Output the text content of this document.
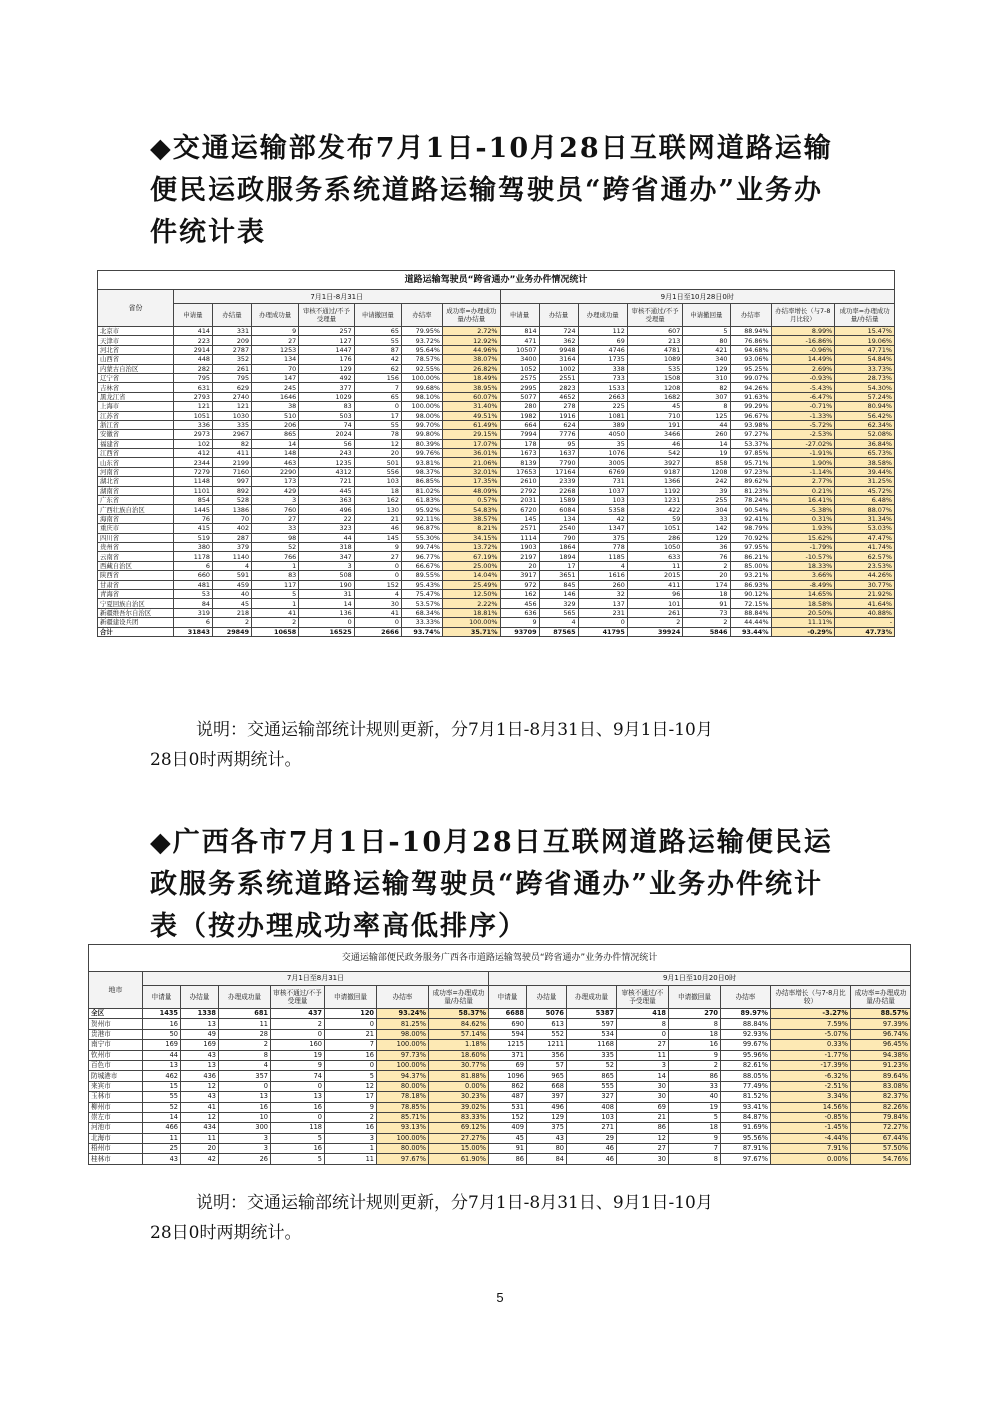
◆交通运输部发布7月1日-10月28日互联网道路运输便民运政服务系统道路运输驾驶员“跨省通办”业务办件统计表
道路运输驾驶员“跨省通办”业务办件情况统计															
省份	7月1日-8月31日							9月1日至10月28日0时							
	申请量	办结量	办理成功量	审核不通过/不予受理量	申请撤回量	办结率	成功率=办理成功量/办结量	申请量	办结量	办理成功量	审核不通过/不予受理量	申请撤回量	办结率	办结率增长（与7-8月比较）	成功率=办理成功量/办结量
北京市	414	331	9	257	65	79.95%	2.72%	814	724	112	607	5	88.94%	8.99%	15.47%
天津市	223	209	27	127	55	93.72%	12.92%	471	362	69	213	80	76.86%	-16.86%	19.06%
河北省	2914	2787	1253	1447	87	95.64%	44.96%	10507	9948	4746	4781	421	94.68%	-0.96%	47.71%
山西省	448	352	134	176	42	78.57%	38.07%	3400	3164	1735	1089	340	93.06%	14.49%	54.84%
内蒙古自治区	282	261	70	129	62	92.55%	26.82%	1052	1002	338	535	129	95.25%	2.69%	33.73%
辽宁省	795	795	147	492	156	100.00%	18.49%	2575	2551	733	1508	310	99.07%	-0.93%	28.73%
吉林省	631	629	245	377	7	99.68%	38.95%	2995	2823	1533	1208	82	94.26%	-5.43%	54.30%
黑龙江省	2793	2740	1646	1029	65	98.10%	60.07%	5077	4652	2663	1682	307	91.63%	-6.47%	57.24%
上海市	121	121	38	83	0	100.00%	31.40%	280	278	225	45	8	99.29%	-0.71%	80.94%
江苏省	1051	1030	510	503	17	98.00%	49.51%	1982	1916	1081	710	125	96.67%	-1.33%	56.42%
浙江省	336	335	206	74	55	99.70%	61.49%	664	624	389	191	44	93.98%	-5.72%	62.34%
安徽省	2973	2967	865	2024	78	99.80%	29.15%	7994	7776	4050	3466	260	97.27%	-2.53%	52.08%
福建省	102	82	14	56	12	80.39%	17.07%	178	95	35	46	14	53.37%	-27.02%	36.84%
江西省	412	411	148	243	20	99.76%	36.01%	1673	1637	1076	542	19	97.85%	-1.91%	65.73%
山东省	2344	2199	463	1235	501	93.81%	21.06%	8139	7790	3005	3927	858	95.71%	1.90%	38.58%
河南省	7279	7160	2290	4312	556	98.37%	32.01%	17653	17164	6769	9187	1208	97.23%	-1.14%	39.44%
湖北省	1148	997	173	721	103	86.85%	17.35%	2610	2339	731	1366	242	89.62%	2.77%	31.25%
湖南省	1101	892	429	445	18	81.02%	48.09%	2792	2268	1037	1192	39	81.23%	0.21%	45.72%
广东省	854	528	3	363	162	61.83%	0.57%	2031	1589	103	1231	255	78.24%	16.41%	6.48%
广西壮族自治区	1445	1386	760	496	130	95.92%	54.83%	6720	6084	5358	422	304	90.54%	-5.38%	88.07%
海南省	76	70	27	22	21	92.11%	38.57%	145	134	42	59	33	92.41%	0.31%	31.34%
重庆市	415	402	33	323	46	96.87%	8.21%	2571	2540	1347	1051	142	98.79%	1.93%	53.03%
四川省	519	287	98	44	145	55.30%	34.15%	1114	790	375	286	129	70.92%	15.62%	47.47%
贵州省	380	379	52	318	9	99.74%	13.72%	1903	1864	778	1050	36	97.95%	-1.79%	41.74%
云南省	1178	1140	766	347	27	96.77%	67.19%	2197	1894	1185	633	76	86.21%	-10.57%	62.57%
西藏自治区	6	4	1	3	0	66.67%	25.00%	20	17	4	11	2	85.00%	18.33%	23.53%
陕西省	660	591	83	508	0	89.55%	14.04%	3917	3651	1616	2015	20	93.21%	3.66%	44.26%
甘肃省	481	459	117	190	152	95.43%	25.49%	972	845	260	411	174	86.93%	-8.49%	30.77%
青海省	53	40	5	31	4	75.47%	12.50%	162	146	32	96	18	90.12%	14.65%	21.92%
宁夏回族自治区	84	45	1	14	30	53.57%	2.22%	456	329	137	101	91	72.15%	18.58%	41.64%
新疆维吾尔自治区	319	218	41	136	41	68.34%	18.81%	636	565	231	261	73	88.84%	20.50%	40.88%
新疆建设兵团	6	2	2	0	0	33.33%	100.00%	9	4	0	2	2	44.44%	11.11%	-
合计	31843	29849	10658	16525	2666	93.74%	35.71%	93709	87565	41795	39924	5846	93.44%	-0.29%	47.73%

说明：交通运输部统计规则更新，分7月1日-8月31日、9月1日-10月
28日0时两期统计。

◆广西各市7月1日-10月28日互联网道路运输便民运政服务系统道路运输驾驶员“跨省通办”业务办件统计表（按办理成功率高低排序）
交通运输部便民政务服务广西各市道路运输驾驶员“跨省通办”业务办件情况统计															
地市	7月1日至8月31日							9月1日至10月20日0时							
	申请量	办结量	办理成功量	审核不通过/不予受理量	申请撤回量	办结率	成功率=办理成功量/办结量	申请量	办结量	办理成功量	审核不通过/不予受理量	申请撤回量	办结率	办结率增长（与7-8月比较）	成功率=办理成功量/办结量
全区	1435	1338	681	437	120	93.24%	58.37%	6688	5076	5387	418	270	89.97%	-3.27%	88.57%
贺州市	16	13	11	2	0	81.25%	84.62%	690	613	597	8	8	88.84%	7.59%	97.39%
贵港市	50	49	28	0	21	98.00%	57.14%	594	552	534	0	18	92.93%	-5.07%	96.74%
南宁市	169	169	2	160	7	100.00%	1.18%	1215	1211	1168	27	16	99.67%	0.33%	96.45%
钦州市	44	43	8	19	16	97.73%	18.60%	371	356	335	11	9	95.96%	-1.77%	94.38%
百色市	13	13	4	9	0	100.00%	30.77%	69	57	52	3	2	82.61%	-17.39%	91.23%
防城港市	462	436	357	74	5	94.37%	81.88%	1096	965	865	14	86	88.05%	-6.32%	89.64%
来宾市	15	12	0	0	12	80.00%	0.00%	862	668	555	30	33	77.49%	-2.51%	83.08%
玉林市	55	43	13	13	17	78.18%	30.23%	487	397	327	30	40	81.52%	3.34%	82.37%
柳州市	52	41	16	16	9	78.85%	39.02%	531	496	408	69	19	93.41%	14.56%	82.26%
崇左市	14	12	10	0	2	85.71%	83.33%	152	129	103	21	5	84.87%	-0.85%	79.84%
河池市	466	434	300	118	16	93.13%	69.12%	409	375	271	86	18	91.69%	-1.45%	72.27%
北海市	11	11	3	5	3	100.00%	27.27%	45	43	29	12	9	95.56%	-4.44%	67.44%
梧州市	25	20	3	16	1	80.00%	15.00%	91	80	46	27	7	87.91%	7.91%	57.50%
桂林市	43	42	26	5	11	97.67%	61.90%	86	84	46	30	8	97.67%	0.00%	54.76%

说明：交通运输部统计规则更新，分7月1日-8月31日、9月1日-10月
28日0时两期统计。

5
